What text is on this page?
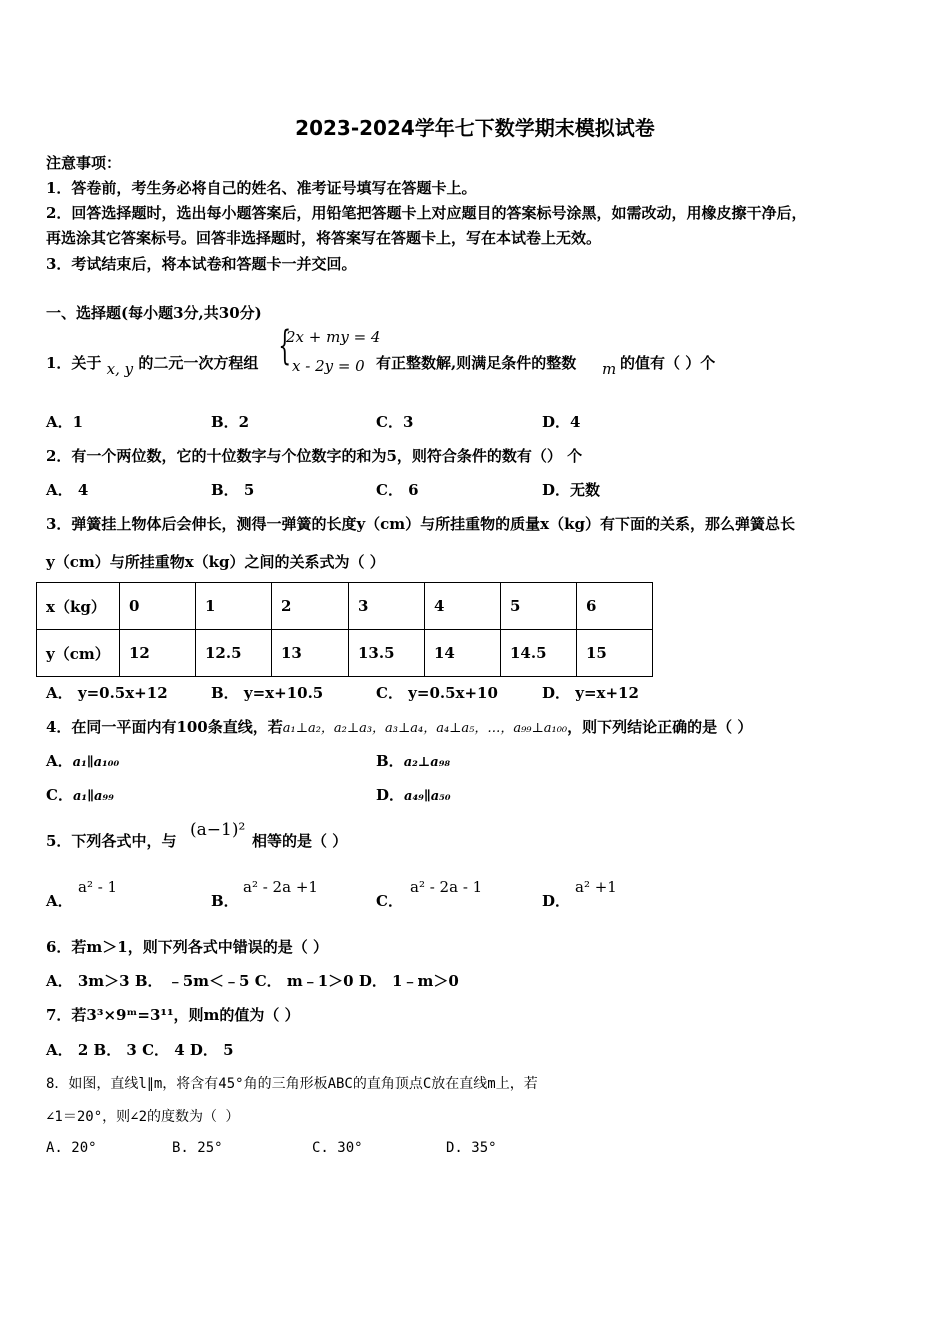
2023-2024学年七下数学期末模拟试卷
注意事项：
1．答卷前，考生务必将自己的姓名、准考证号填写在答题卡上。
2．回答选择题时，选出每小题答案后，用铅笔把答题卡上对应题目的答案标号涂黑，如需改动，用橡皮擦干净后，
再选涂其它答案标号。回答非选择题时，将答案写在答题卡上，写在本试卷上无效。
3．考试结束后，将本试卷和答题卡一并交回。
一、选择题(每小题3分,共30分)
1．关于 x, y 的二元一次方程组 {
2x + my = 4
x - 2y = 0 有正整数解,则满足条件的整数 m 的值有（ ）个
A．1	B．2	C．3	D．4
2．有一个两位数，它的十位数字与个位数字的和为5，则符合条件的数有（） 个
A． 4	B． 5	C． 6	D．无数
3．弹簧挂上物体后会伸长，测得一弹簧的长度y（cm）与所挂重物的质量x（kg）有下面的关系，那么弹簧总长
y（cm）与所挂重物x（kg）之间的关系式为（ ）
x（kg）	0	1	2	3	4	5	6
y（cm）	12	12.5	13	13.5	14	14.5	15
A． y=0.5x+12	B． y=x+10.5	C． y=0.5x+10	D． y=x+12
4．在同一平面内有100条直线，若a₁⊥a₂，a₂⊥a₃，a₃⊥a₄，a₄⊥a₅，…，a₉₉⊥a₁₀₀，则下列结论正确的是（ ）
A．a₁∥a₁₀₀	B．a₂⊥a₉₈
C．a₁∥a₉₉	D．a₄₉∥a₅₀
5．下列各式中，与
(a−1)²
相等的是（ ）
A．
a² - 1
B．
a² - 2a +1
C．
a² - 2a - 1
D．
a² +1
6．若m＞1，则下列各式中错误的是（ ）
A． 3m＞3 B． ﹣5m＜﹣5 C． m﹣1＞0 D． 1﹣m＞0
7．若3³×9ᵐ=3¹¹，则m的值为（ ）
A． 2 B． 3 C． 4 D． 5
8．如图，直线l∥m，将含有45°角的三角形板ABC的直角顶点C放在直线m上，若
∠1＝20°，则∠2的度数为（ ）
A. 20°	B. 25°	C. 30°	D. 35°
